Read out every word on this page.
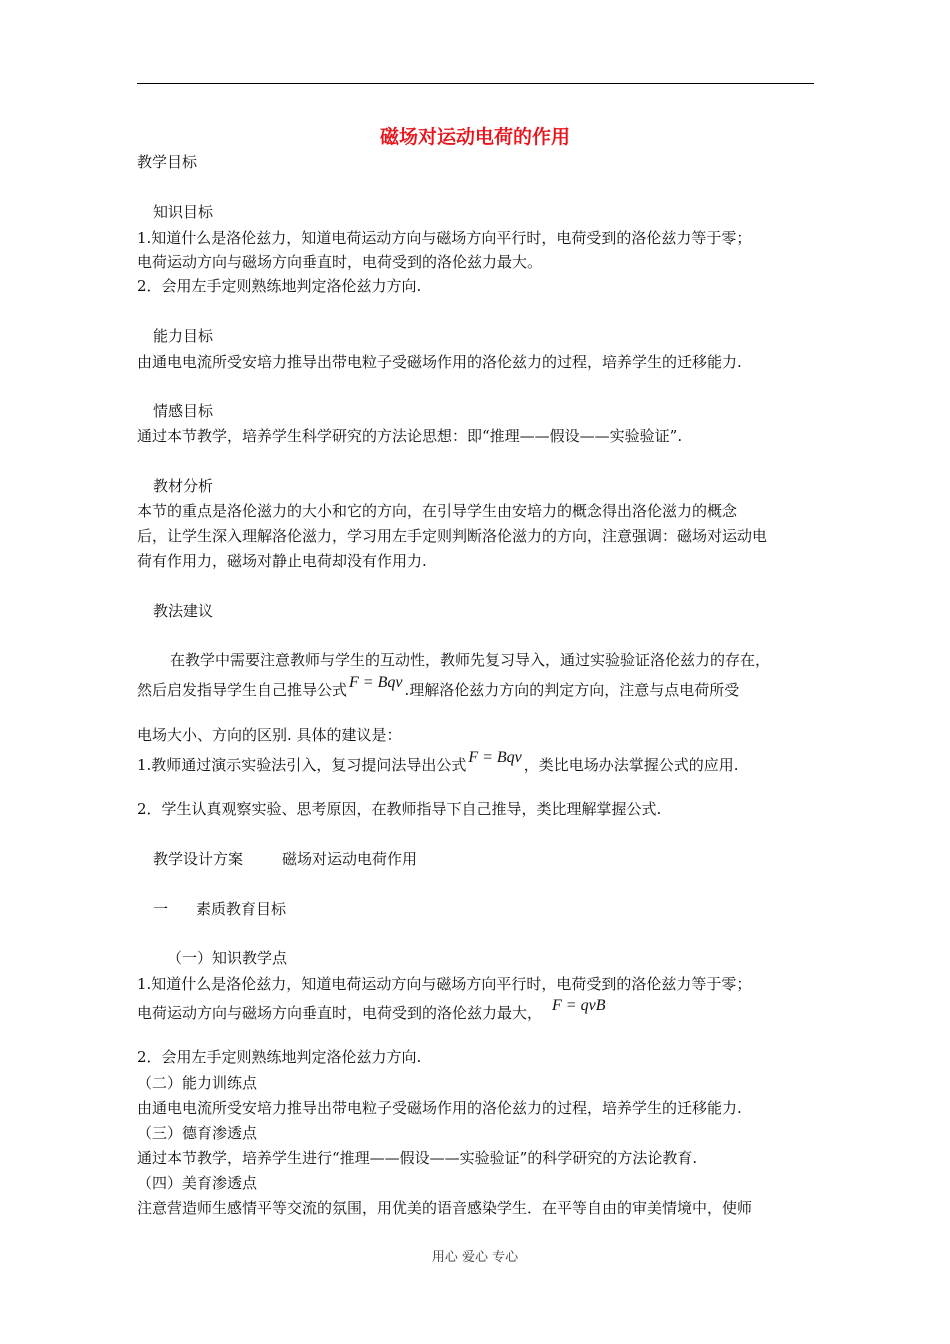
磁场对运动电荷的作用
教学目标
知识目标
1.知道什么是洛伦兹力，知道电荷运动方向与磁场方向平行时，电荷受到的洛伦兹力等于零；
电荷运动方向与磁场方向垂直时，电荷受到的洛伦兹力最大。
2．会用左手定则熟练地判定洛伦兹力方向.
能力目标
由通电电流所受安培力推导出带电粒子受磁场作用的洛伦兹力的过程，培养学生的迁移能力.
情感目标
通过本节教学，培养学生科学研究的方法论思想：即“推理——假设——实验验证”.
教材分析
本节的重点是洛伦滋力的大小和它的方向，在引导学生由安培力的概念得出洛伦滋力的概念
后，让学生深入理解洛伦滋力，学习用左手定则判断洛伦滋力的方向，注意强调：磁场对运动电
荷有作用力，磁场对静止电荷却没有作用力.
教法建议
在教学中需要注意教师与学生的互动性，教师先复习导入，通过实验验证洛伦兹力的存在，
然后启发指导学生自己推导公式 F = Bqv .理解洛伦兹力方向的判定方向，注意与点电荷所受
电场大小、方向的区别. 具体的建议是：
1.教师通过演示实验法引入，复习提问法导出公式 F = Bqv ，类比电场办法掌握公式的应用.
2．学生认真观察实验、思考原因，在教师指导下自己推导，类比理解掌握公式.
教学设计方案	磁场对运动电荷作用
一 素质教育目标
（一）知识教学点
1.知道什么是洛伦兹力，知道电荷运动方向与磁场方向平行时，电荷受到的洛伦兹力等于零；
电荷运动方向与磁场方向垂直时，电荷受到的洛伦兹力最大， F = qvB
2．会用左手定则熟练地判定洛伦兹力方向.
（二）能力训练点
由通电电流所受安培力推导出带电粒子受磁场作用的洛伦兹力的过程，培养学生的迁移能力.
（三）德育渗透点
通过本节教学，培养学生进行“推理——假设——实验验证”的科学研究的方法论教育.
（四）美育渗透点
注意营造师生感情平等交流的氛围，用优美的语音感染学生．在平等自由的审美情境中，使师
用心 爱心 专心
